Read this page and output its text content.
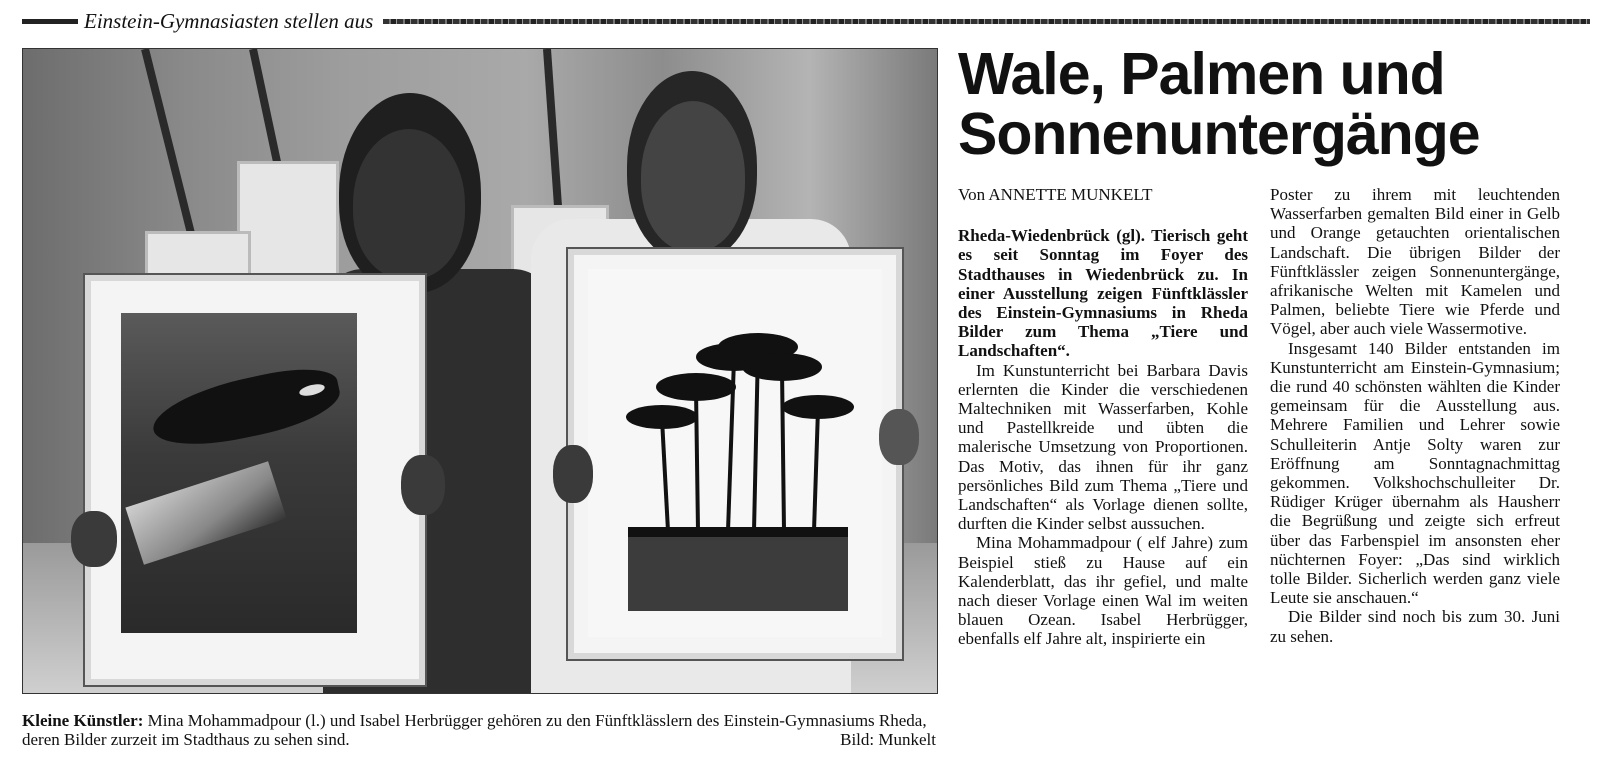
Einstein-Gymnasiasten stellen aus
Kleine Künstler: Mina Mohammadpour (l.) und Isabel Herbrügger gehören zu den Fünftklässlern des Einstein-Gymnasiums Rheda, deren Bilder zurzeit im Stadthaus zu sehen sind.	Bild: Munkelt
Wale, Palmen und
Sonnenuntergänge
Von ANNETTE MUNKELT

Rheda-Wiedenbrück (gl). Tierisch geht es seit Sonntag im Foyer des Stadthauses in Wiedenbrück zu. In einer Ausstellung zeigen Fünftklässler des Einstein-Gymnasiums in Rheda Bilder zum Thema „Tiere und Landschaften“.

Im Kunstunterricht bei Barbara Davis erlernten die Kinder die verschiedenen Maltechniken mit Wasserfarben, Kohle und Pastellkreide und übten die malerische Umsetzung von Proportionen. Das Motiv, das ihnen für ihr ganz persönliches Bild zum Thema „Tiere und Landschaften“ als Vorlage dienen sollte, durften die Kinder selbst aussuchen.

Mina Mohammadpour ( elf Jahre) zum Beispiel stieß zu Hause auf ein Kalenderblatt, das ihr gefiel, und malte nach dieser Vorlage einen Wal im weiten blauen Ozean. Isabel Herbrügger, ebenfalls elf Jahre alt, inspirierte ein

Poster zu ihrem mit leuchtenden Wasserfarben gemalten Bild einer in Gelb und Orange getauchten orientalischen Landschaft. Die übrigen Bilder der Fünftklässler zeigen Sonnenuntergänge, afrikanische Welten mit Kamelen und Palmen, beliebte Tiere wie Pferde und Vögel, aber auch viele Wassermotive.

Insgesamt 140 Bilder entstanden im Kunstunterricht am Einstein-Gymnasium; die rund 40 schönsten wählten die Kinder gemeinsam für die Ausstellung aus. Mehrere Familien und Lehrer sowie Schulleiterin Antje Solty waren zur Eröffnung am Sonntagnachmittag gekommen. Volkshochschulleiter Dr. Rüdiger Krüger übernahm als Hausherr die Begrüßung und zeigte sich erfreut über das Farbenspiel im ansonsten eher nüchternen Foyer: „Das sind wirklich tolle Bilder. Sicherlich werden ganz viele Leute sie anschauen.“

Die Bilder sind noch bis zum 30. Juni zu sehen.
